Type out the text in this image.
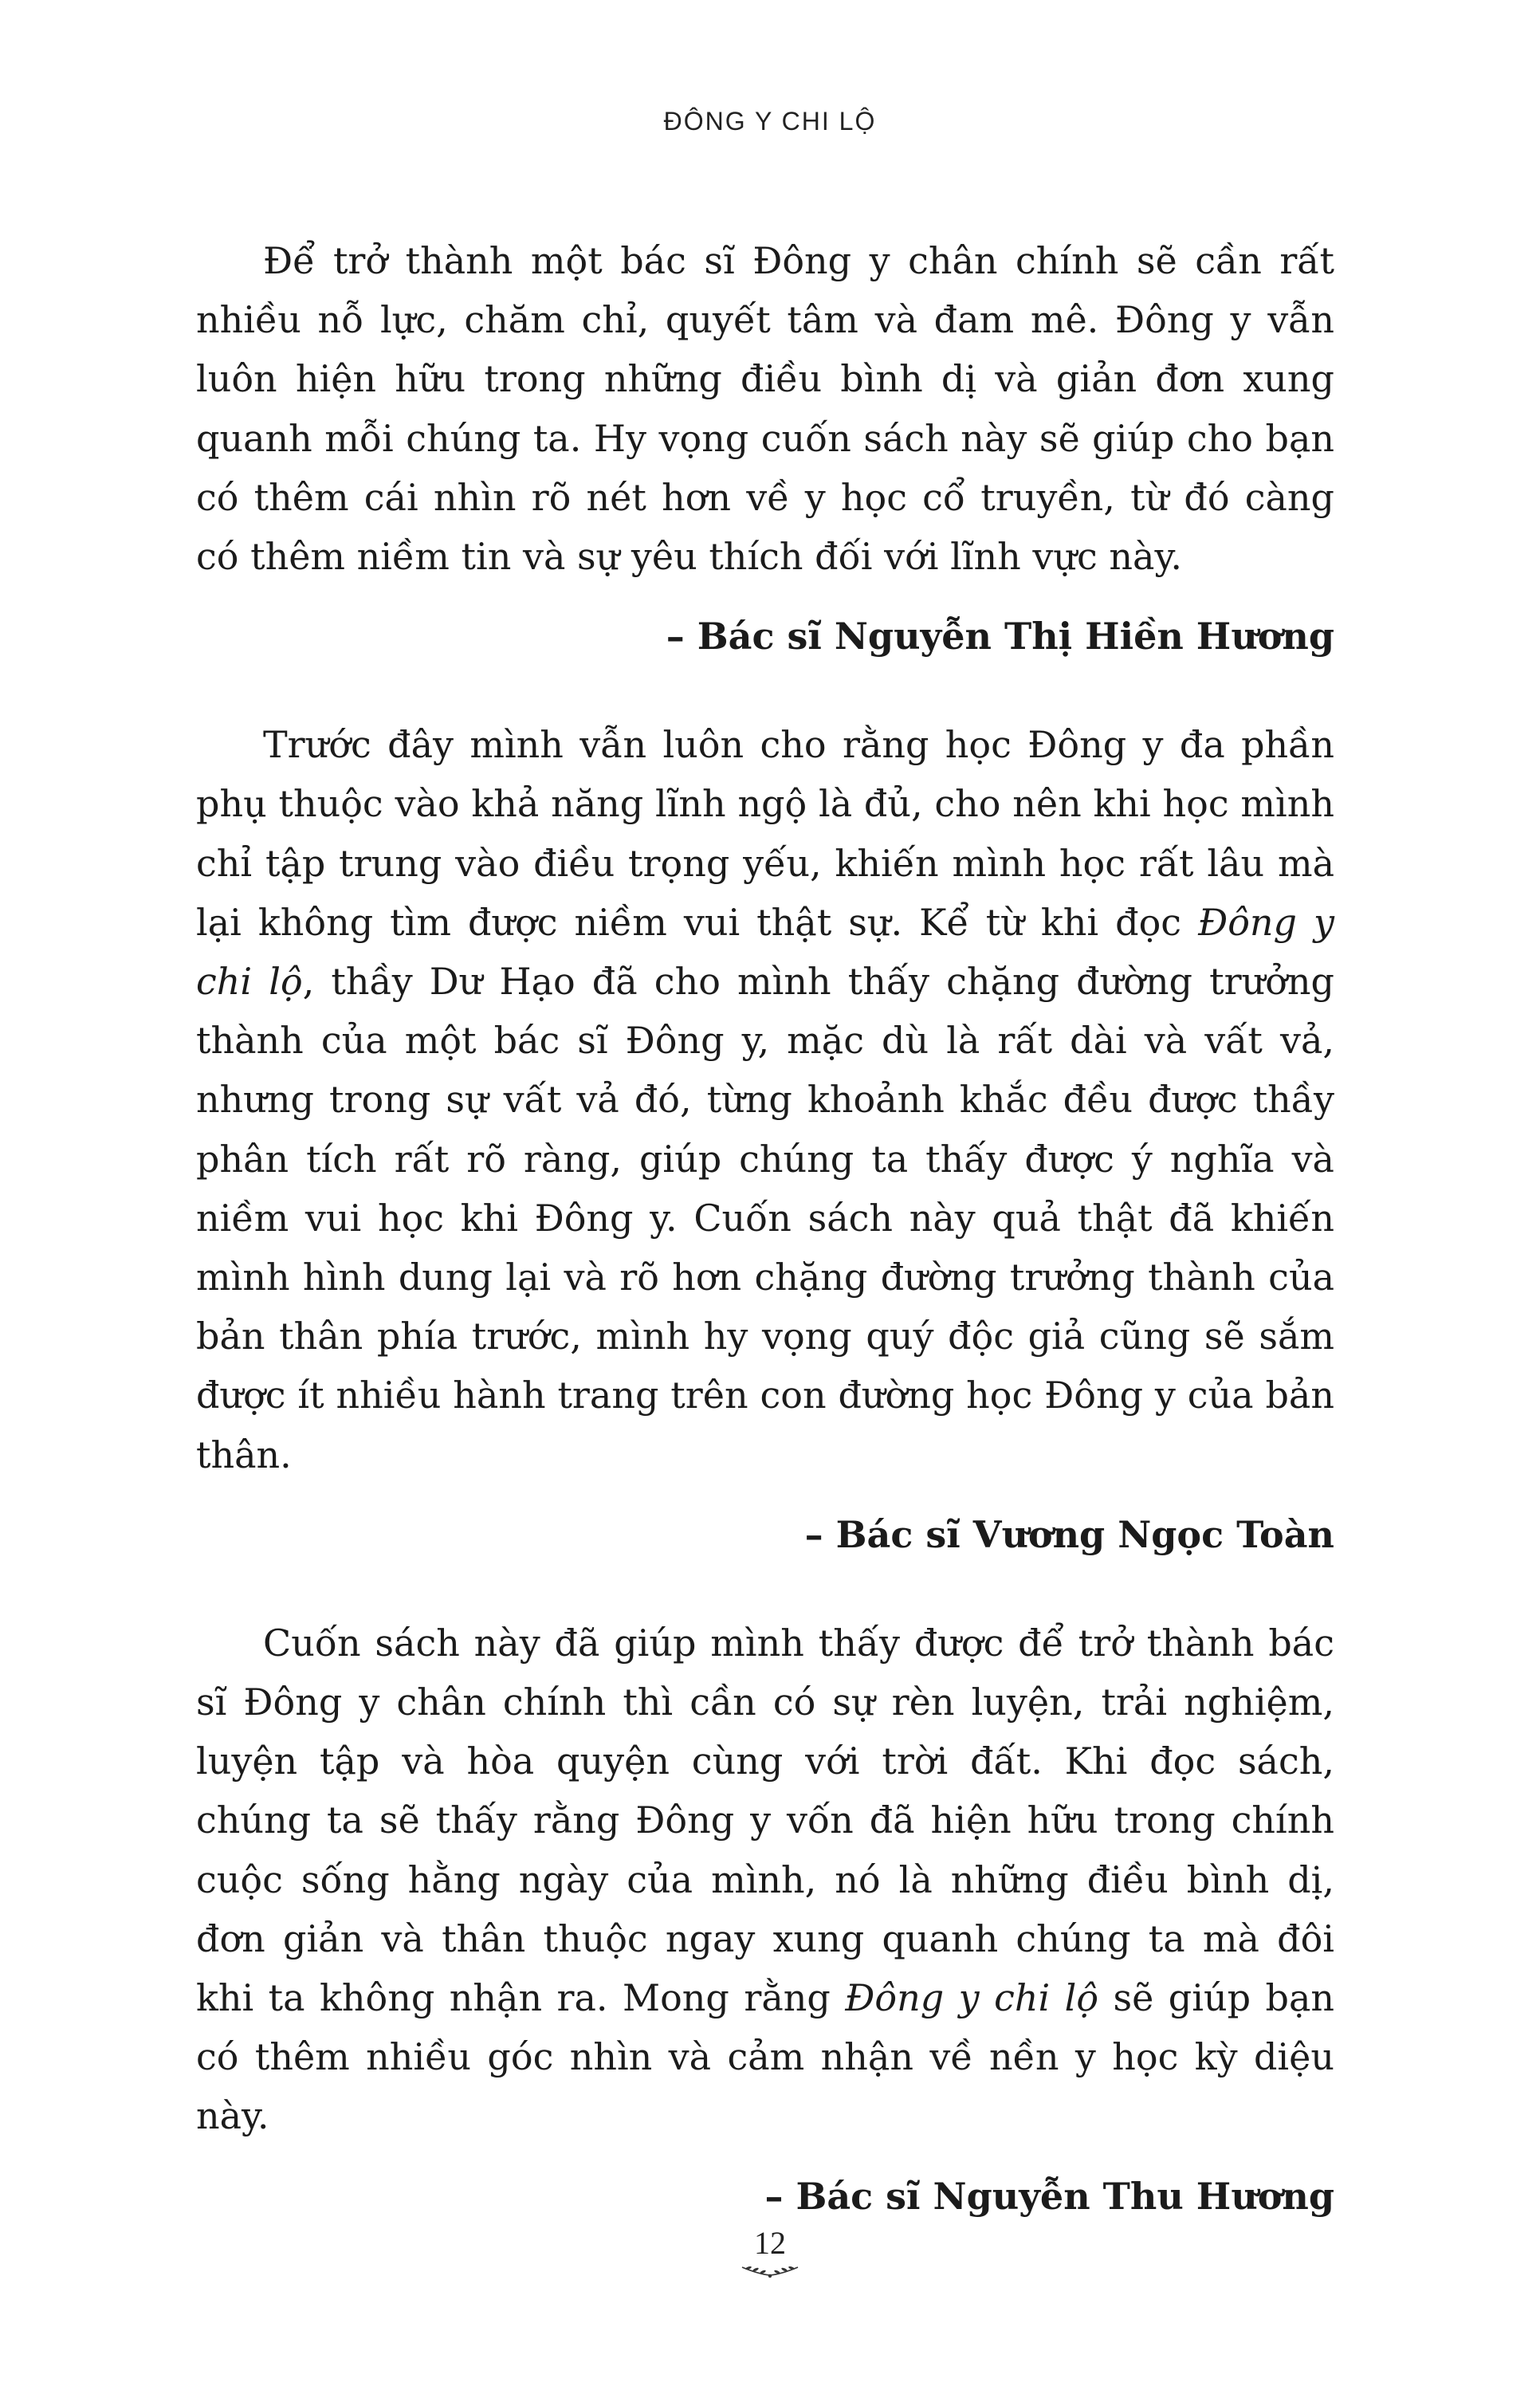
ĐÔNG Y CHI LỘ

Để trở thành một bác sĩ Đông y chân chính sẽ cần rất nhiều nỗ lực, chăm chỉ, quyết tâm và đam mê. Đông y vẫn luôn hiện hữu trong những điều bình dị và giản đơn xung quanh mỗi chúng ta. Hy vọng cuốn sách này sẽ giúp cho bạn có thêm cái nhìn rõ nét hơn về y học cổ truyền, từ đó càng có thêm niềm tin và sự yêu thích đối với lĩnh vực này.

– Bác sĩ Nguyễn Thị Hiền Hương

Trước đây mình vẫn luôn cho rằng học Đông y đa phần phụ thuộc vào khả năng lĩnh ngộ là đủ, cho nên khi học mình chỉ tập trung vào điều trọng yếu, khiến mình học rất lâu mà lại không tìm được niềm vui thật sự. Kể từ khi đọc Đông y chi lộ, thầy Dư Hạo đã cho mình thấy chặng đường trưởng thành của một bác sĩ Đông y, mặc dù là rất dài và vất vả, nhưng trong sự vất vả đó, từng khoảnh khắc đều được thầy phân tích rất rõ ràng, giúp chúng ta thấy được ý nghĩa và niềm vui học khi Đông y. Cuốn sách này quả thật đã khiến mình hình dung lại và rõ hơn chặng đường trưởng thành của bản thân phía trước, mình hy vọng quý độc giả cũng sẽ sắm được ít nhiều hành trang trên con đường học Đông y của bản thân.

– Bác sĩ Vương Ngọc Toàn

Cuốn sách này đã giúp mình thấy được để trở thành bác sĩ Đông y chân chính thì cần có sự rèn luyện, trải nghiệm, luyện tập và hòa quyện cùng với trời đất. Khi đọc sách, chúng ta sẽ thấy rằng Đông y vốn đã hiện hữu trong chính cuộc sống hằng ngày của mình, nó là những điều bình dị, đơn giản và thân thuộc ngay xung quanh chúng ta mà đôi khi ta không nhận ra. Mong rằng Đông y chi lộ sẽ giúp bạn có thêm nhiều góc nhìn và cảm nhận về nền y học kỳ diệu này.

– Bác sĩ Nguyễn Thu Hương

12
